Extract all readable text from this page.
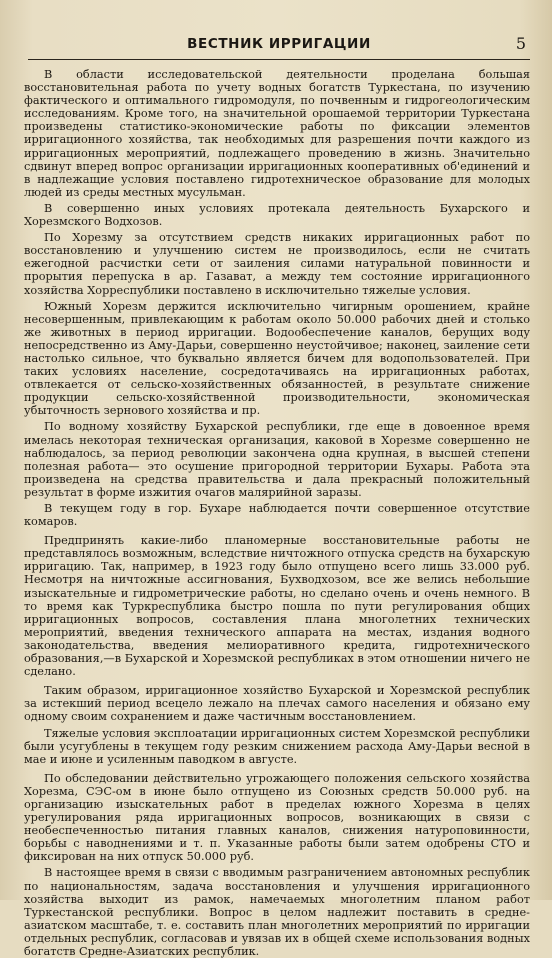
ВЕСТНИК ИРРИГАЦИИ	5

В области исследовательской деятельности проделана большая восстановительная работа по учету водных богатств Туркестана, по изучению фактического и оптимального гидромодуля, по почвенным и гидрогеологическим исследованиям. Кроме того, на значительной орошаемой территории Туркестана произведены статистико-экономические работы по фиксации элементов ирригационного хозяйства, так необходимых для разрешения почти каждого из ирригационных мероприятий, подлежащего проведению в жизнь. Значительно сдвинут вперед вопрос организации ирригационных кооперативных об'единений и в надлежащие условия поставлено гидротехническое образование для молодых людей из среды местных мусульман.

В совершенно иных условиях протекала деятельность Бухарского и Хорезмского Водхозов.

По Хорезму за отсутствием средств никаких ирригационных работ по восстановлению и улучшению систем не производилось, если не считать ежегодной расчистки сети от заиления силами натуральной повинности и прорытия перепуска в ар. Газават, а между тем состояние ирригационного хозяйства Хорреспублики поставлено в исключительно тяжелые условия.

Южный Хорезм держится исключительно чигирным орошением, крайне несовершенным, привлекающим к работам около 50.000 рабочих дней и столько же животных в период ирригации. Водообеспечение каналов, берущих воду непосредственно из Аму-Дарьи, совершенно неустойчивое; наконец, заиление сети настолько сильное, что буквально является бичем для водопользователей. При таких условиях население, сосредотачиваясь на ирригационных работах, отвлекается от сельско-хозяйственных обязанностей, в результате снижение продукции сельско-хозяйственной производительности, экономическая убыточность зернового хозяйства и пр.

По водному хозяйству Бухарской республики, где еще в довоенное время имелась некоторая техническая организация, каковой в Хорезме совершенно не наблюдалось, за период революции закончена одна крупная, в высшей степени полезная работа— это осушение пригородной территории Бухары. Работа эта произведена на средства правительства и дала прекрасный положительный результат в форме изжития очагов малярийной заразы.

В текущем году в гор. Бухаре наблюдается почти совершенное отсутствие комаров.

Предпринять какие-либо планомерные восстановительные работы не представлялось возможным, вследствие ничтожного отпуска средств на бухарскую ирригацию. Так, например, в 1923 году было отпущено всего лишь 33.000 руб. Несмотря на ничтожные ассигнования, Бухводхозом, все же велись небольшие изыскательные и гидрометрические работы, но сделано очень и очень немного. В то время как Туркреспублика быстро пошла по пути регулирования общих ирригационных вопросов, составления плана многолетних технических мероприятий, введения технического аппарата на местах, издания водного законодательства, введения мелиоративного кредита, гидротехнического образования,—в Бухарской и Хорезмской республиках в этом отношении ничего не сделано.

Таким образом, ирригационное хозяйство Бухарской и Хорезмской республик за истекший период всецело лежало на плечах самого населения и обязано ему одному своим сохранением и даже частичным восстановлением.

Тяжелые условия эксплоатации ирригационных систем Хорезмской республики были усугублены в текущем году резким снижением расхода Аму-Дарьи весной в мае и июне и усиленным паводком в августе.

По обследовании действительно угрожающего положения сельского хозяйства Хорезма, СЭС-ом в июне было отпущено из Союзных средств 50.000 руб. на организацию изыскательных работ в пределах южного Хорезма в целях урегулирования ряда ирригационных вопросов, возникающих в связи с необеспеченностью питания главных каналов, снижения натуроповинности, борьбы с наводнениями и т. п. Указанные работы были затем одобрены СТО и фиксирован на них отпуск 50.000 руб.

В настоящее время в связи с вводимым разграничением автономных республик по национальностям, задача восстановления и улучшения ирригационного хозяйства выходит из рамок, намечаемых многолетним планом работ Туркестанской республики. Вопрос в целом надлежит поставить в средне-азиатском масштабе, т. е. составить план многолетних мероприятий по ирригации отдельных республик, согласовав и увязав их в общей схеме использования водных богатств Средне-Азиатских республик.
